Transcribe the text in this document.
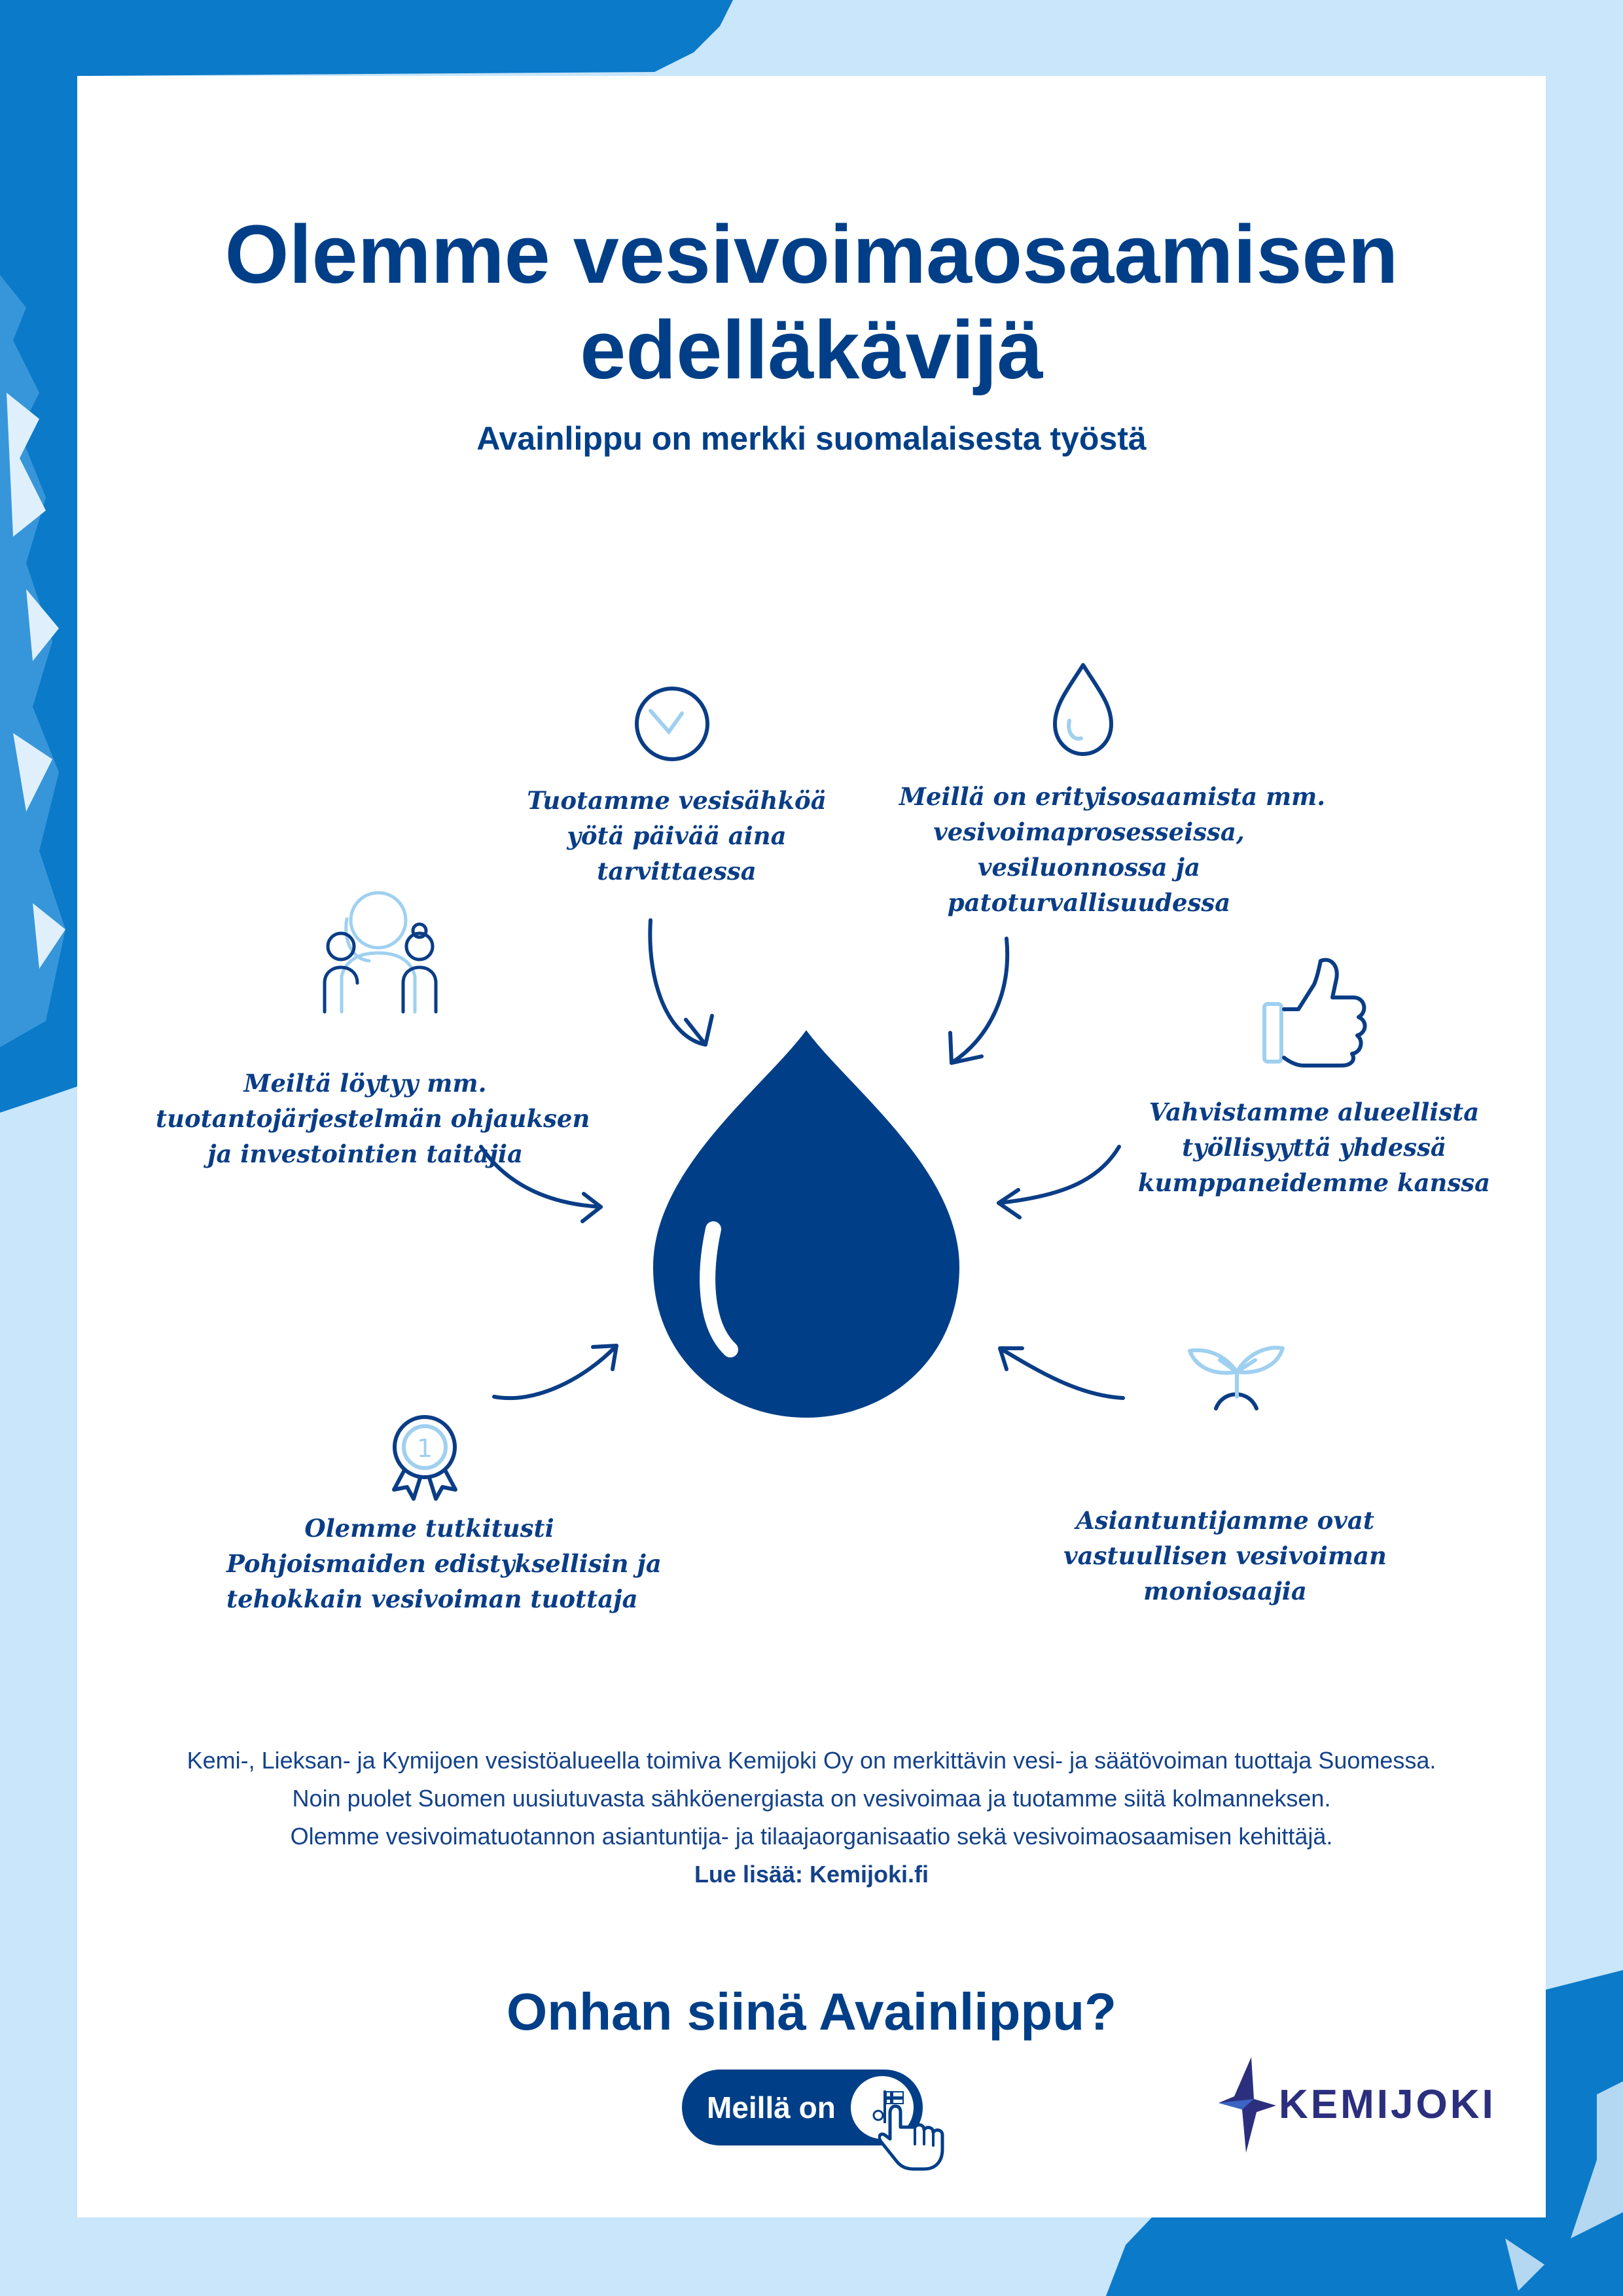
Olemme vesivoimaosaamisen
edelläkävijä
Avainlippu on merkki suomalaisesta työstä
1
Tuotamme vesisähköä
yötä päivää aina
tarvittaessa
Meillä on erityisosaamista mm.
vesivoimaprosesseissa,
vesiluonnossa ja
patoturvallisuudessa
Meiltä löytyy mm.
tuotantojärjestelmän ohjauksen
ja investointien taitajia
Vahvistamme alueellista
työllisyyttä yhdessä
kumppaneidemme kanssa
Olemme tutkitusti
Pohjoismaiden edistyksellisin ja
tehokkain vesivoiman tuottaja
Asiantuntijamme ovat
vastuullisen vesivoiman
moniosaajia
Kemi-, Lieksan- ja Kymijoen vesistöalueella toimiva Kemijoki Oy on merkittävin vesi- ja säätövoiman tuottaja Suomessa.
Noin puolet Suomen uusiutuvasta sähköenergiasta on vesivoimaa ja tuotamme siitä kolmanneksen.
Olemme vesivoimatuotannon asiantuntija- ja tilaajaorganisaatio sekä vesivoimaosaamisen kehittäjä.
Lue lisää: Kemijoki.fi
Onhan siinä Avainlippu?
Meillä on	KEMIJOKI
